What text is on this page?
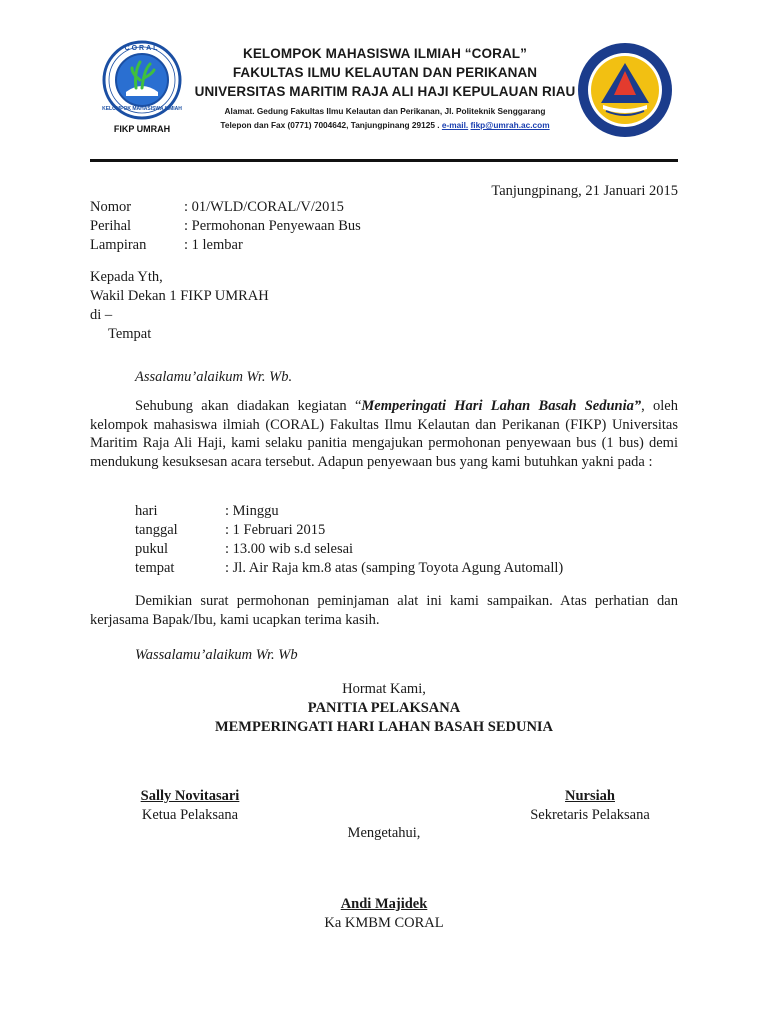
CORAL
KELOMPOK MAHASISWA ILMIAH
FIKP UMRAH
KELOMPOK MAHASISWA ILMIAH “CORAL”
FAKULTAS ILMU KELAUTAN DAN PERIKANAN
UNIVERSITAS MARITIM RAJA ALI HAJI KEPULAUAN RIAU
Alamat. Gedung Fakultas Ilmu Kelautan dan Perikanan, Jl. Politeknik Senggarang
Telepon dan Fax (0771) 7004642, Tanjungpinang 29125 . e-mail. fikp@umrah.ac.com
Tanjungpinang, 21 Januari 2015
Nomor	: 01/WLD/CORAL/V/2015
Perihal	: Permohonan Penyewaan Bus
Lampiran	: 1 lembar
Kepada Yth,
Wakil Dekan 1 FIKP UMRAH
di –
Tempat
Assalamu’alaikum Wr. Wb.
Sehubung akan diadakan kegiatan “Memperingati Hari Lahan Basah Sedunia”, oleh kelompok mahasiswa ilmiah (CORAL) Fakultas Ilmu Kelautan dan Perikanan (FIKP) Universitas Maritim Raja Ali Haji, kami selaku panitia mengajukan permohonan penyewaan bus (1 bus) demi mendukung kesuksesan acara tersebut. Adapun penyewaan bus yang kami butuhkan yakni pada :
hari	: Minggu
tanggal	: 1 Februari 2015
pukul	: 13.00 wib s.d selesai
tempat	: Jl. Air Raja km.8 atas (samping Toyota Agung Automall)
Demikian surat permohonan peminjaman alat ini kami sampaikan. Atas perhatian dan kerjasama Bapak/Ibu, kami ucapkan terima kasih.
Wassalamu’alaikum Wr. Wb
Hormat Kami,
PANITIA PELAKSANA
MEMPERINGATI HARI LAHAN BASAH SEDUNIA
Sally Novitasari
Ketua Pelaksana
Nursiah
Sekretaris Pelaksana
Mengetahui,
Andi Majidek
Ka KMBM CORAL
